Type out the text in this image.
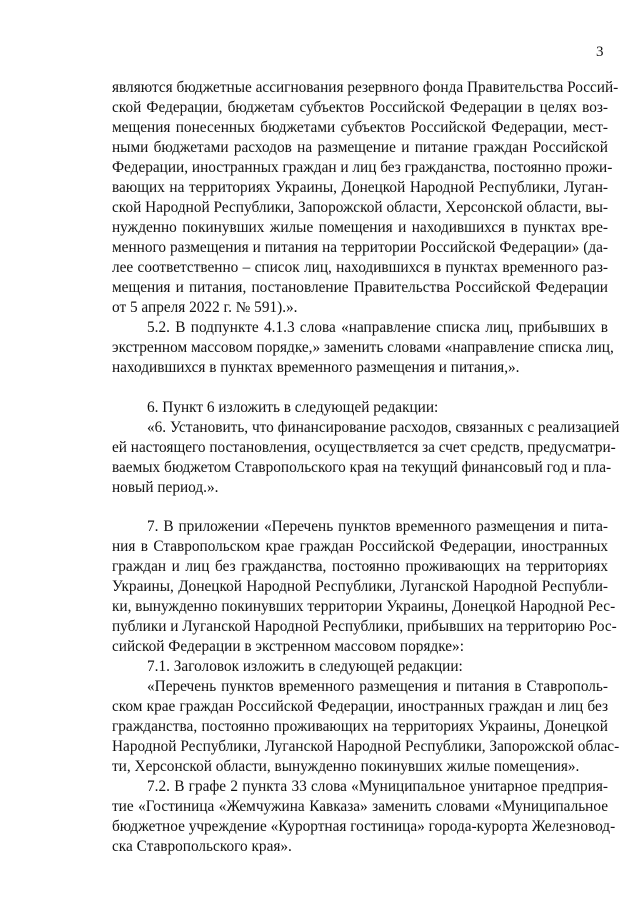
3
являются бюджетные ассигнования резервного фонда Правительства Россий-
ской Федерации, бюджетам субъектов Российской Федерации в целях воз-
мещения понесенных бюджетами субъектов Российской Федерации, мест-
ными бюджетами расходов на размещение и питание граждан Российской
Федерации, иностранных граждан и лиц без гражданства, постоянно прожи-
вающих на территориях Украины, Донецкой Народной Республики, Луган-
ской Народной Республики, Запорожской области, Херсонской области, вы-
нужденно покинувших жилые помещения и находившихся в пунктах вре-
менного размещения и питания на территории Российской Федерации» (да-
лее соответственно – список лиц, находившихся в пунктах временного раз-
мещения и питания, постановление Правительства Российской Федерации
от 5 апреля 2022 г. № 591).».
5.2. В подпункте 4.1.3 слова «направление списка лиц, прибывших в
экстренном массовом порядке,» заменить словами «направление списка лиц,
находившихся в пунктах временного размещения и питания,».
6. Пункт 6 изложить в следующей редакции:
«6. Установить, что финансирование расходов, связанных с реализацией
ей настоящего постановления, осуществляется за счет средств, предусматри-
ваемых бюджетом Ставропольского края на текущий финансовый год и пла-
новый период.».
7. В приложении «Перечень пунктов временного размещения и пита-
ния в Ставропольском крае граждан Российской Федерации, иностранных
граждан и лиц без гражданства, постоянно проживающих на территориях
Украины, Донецкой Народной Республики, Луганской Народной Республи-
ки, вынужденно покинувших территории Украины, Донецкой Народной Рес-
публики и Луганской Народной Республики, прибывших на территорию Рос-
сийской Федерации в экстренном массовом порядке»:
7.1. Заголовок изложить в следующей редакции:
«Перечень пунктов временного размещения и питания в Ставрополь-
ском крае граждан Российской Федерации, иностранных граждан и лиц без
гражданства, постоянно проживающих на территориях Украины, Донецкой
Народной Республики, Луганской Народной Республики, Запорожской облас-
ти, Херсонской области, вынужденно покинувших жилые помещения».
7.2. В графе 2 пункта 33 слова «Муниципальное унитарное предприя-
тие «Гостиница «Жемчужина Кавказа» заменить словами «Муниципальное
бюджетное учреждение «Курортная гостиница» города-курорта Железновод-
ска Ставропольского края».
